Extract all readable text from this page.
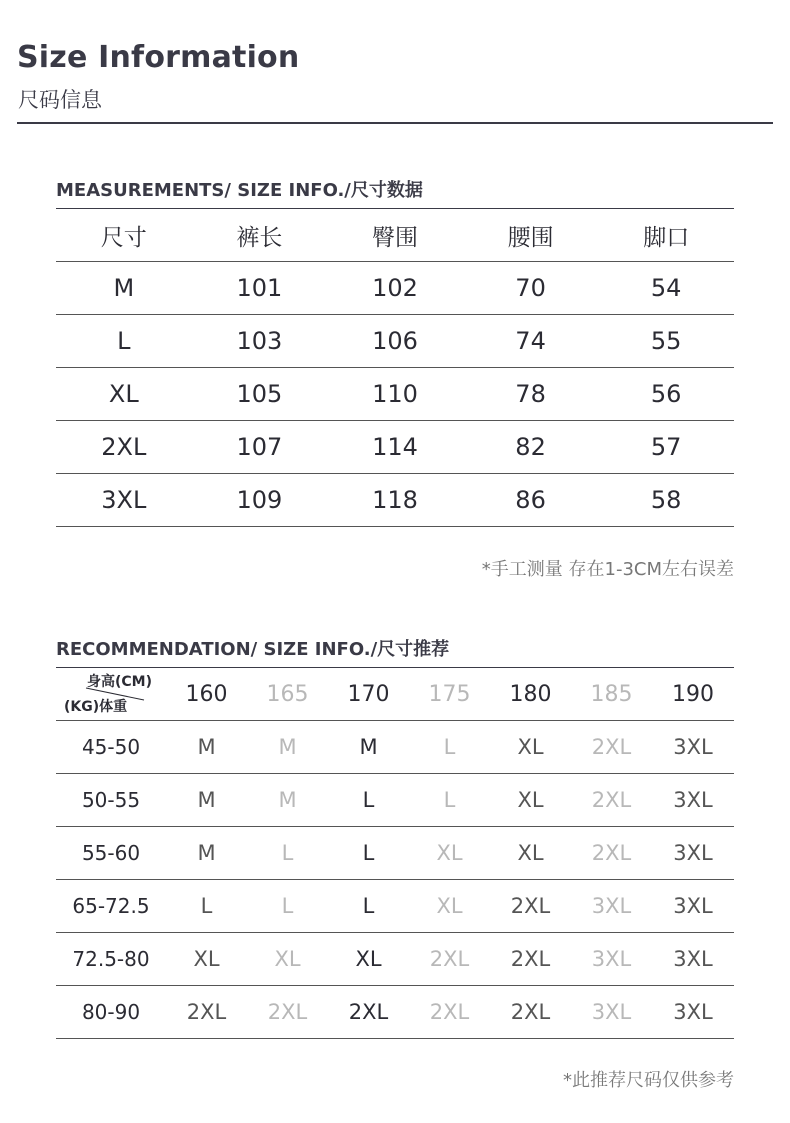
Size Information
尺码信息
MEASUREMENTS/ SIZE INFO./尺寸数据
尺寸	裤长	臀围	腰围	脚口
M	101	102	70	54
L	103	106	74	55
XL	105	110	78	56
2XL	107	114	82	57
3XL	109	118	86	58

*手工测量 存在1-3CM左右误差

RECOMMENDATION/ SIZE INFO./尺寸推荐
身高(CM)
(KG)体重	160	165	170	175	180	185	190
45-50	M	M	M	L	XL	2XL	3XL
50-55	M	M	L	L	XL	2XL	3XL
55-60	M	L	L	XL	XL	2XL	3XL
65-72.5	L	L	L	XL	2XL	3XL	3XL
72.5-80	XL	XL	XL	2XL	2XL	3XL	3XL
80-90	2XL	2XL	2XL	2XL	2XL	3XL	3XL

*此推荐尺码仅供参考
